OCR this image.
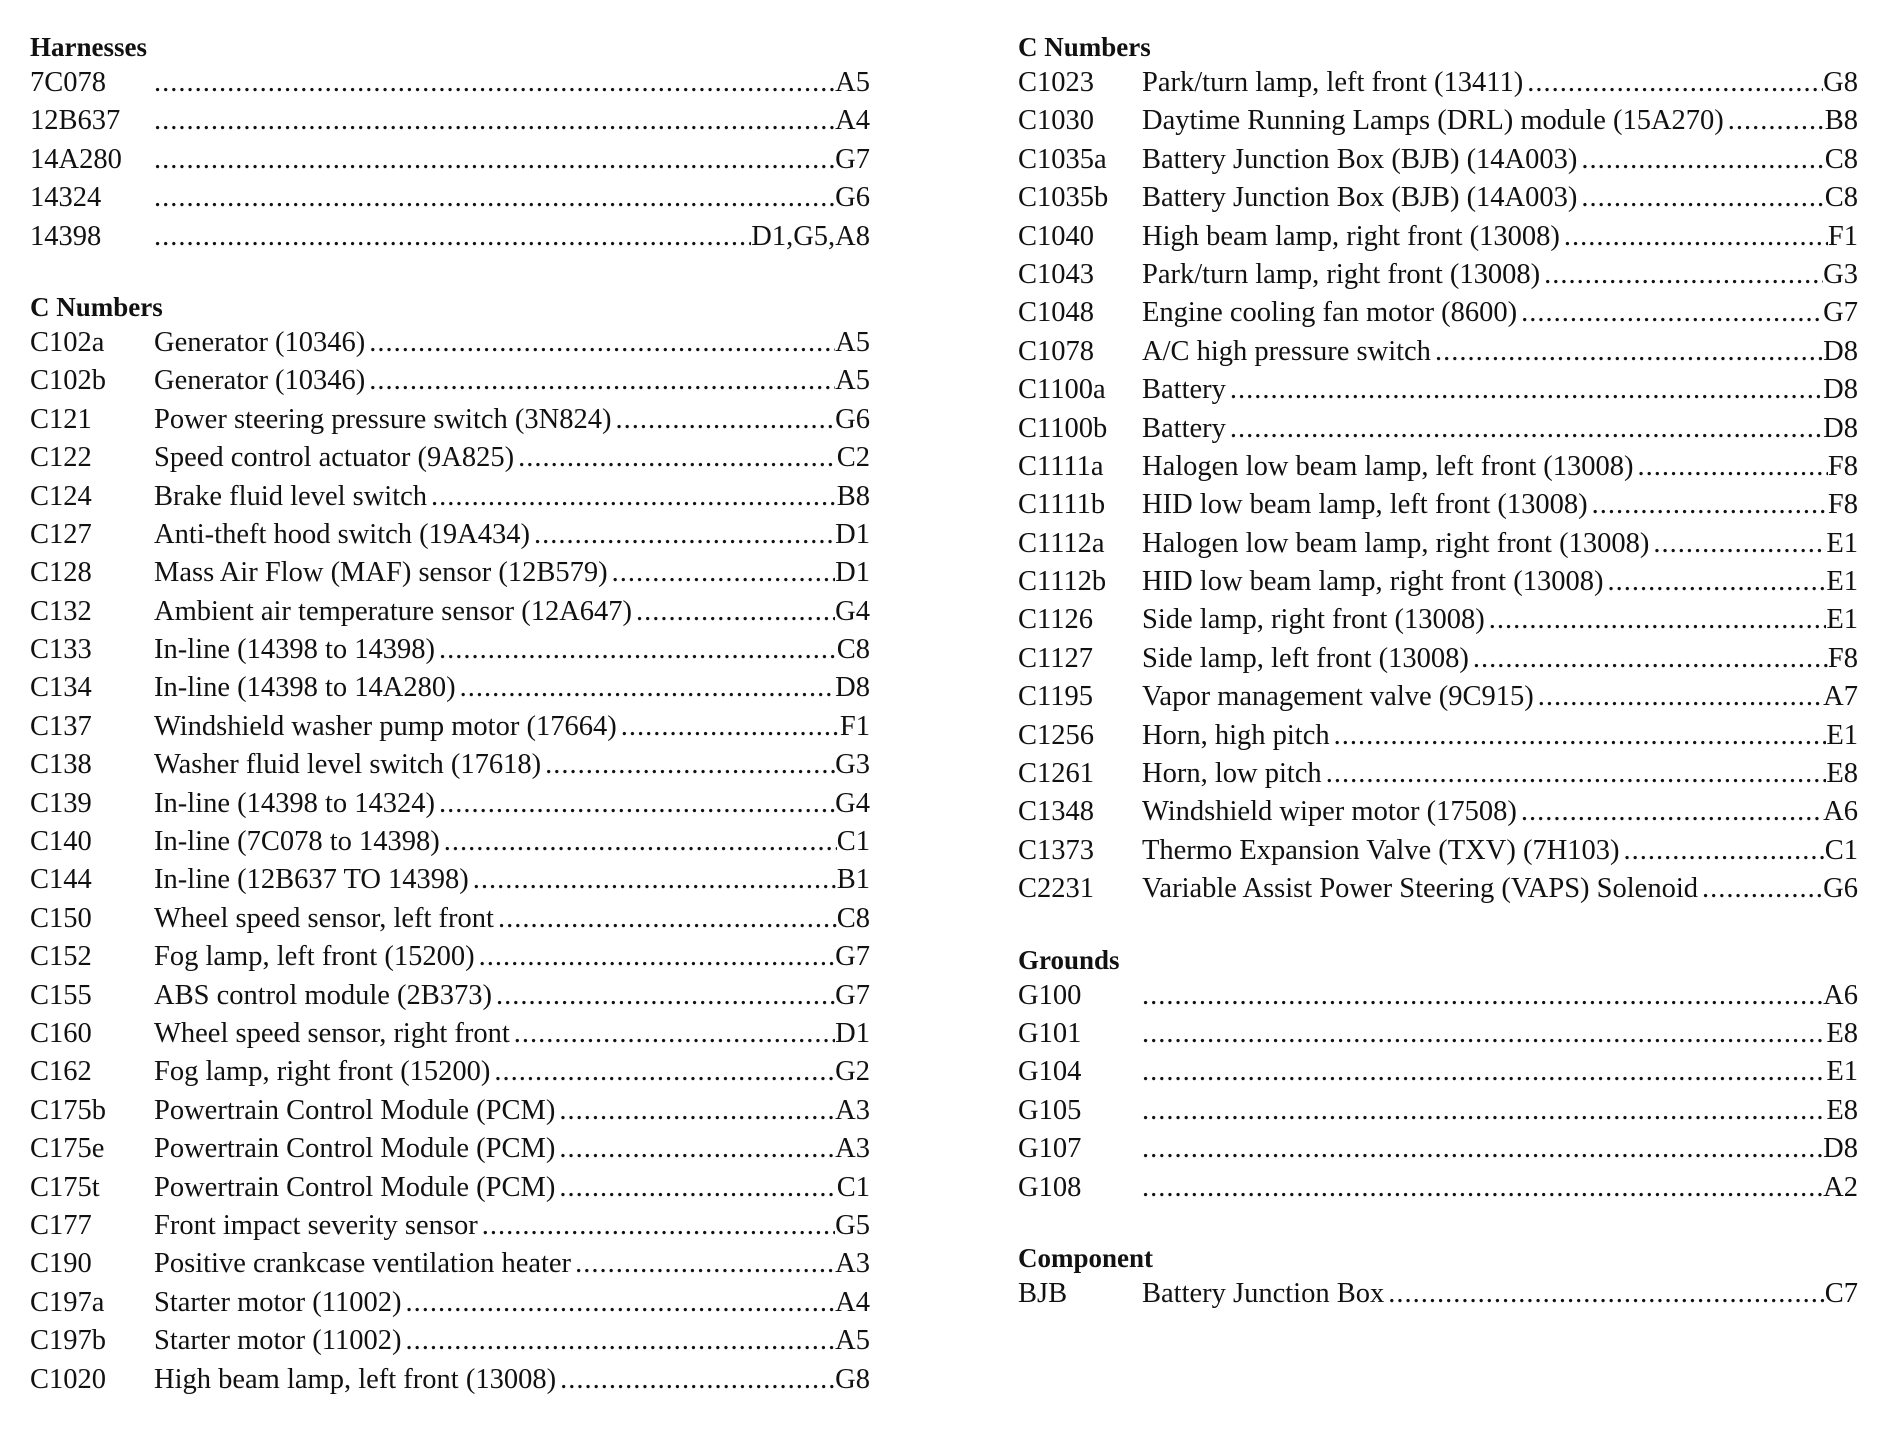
Harnesses
7C078 .....	A5
12B637 .....	A4
14A280 .....	G7
14324 .....	G6
14398 .....	D1,G5,A8
C Numbers
C102a	Generator (10346) .....	A5
C102b	Generator (10346) .....	A5
C121	Power steering pressure switch (3N824) .....	G6
C122	Speed control actuator (9A825) .....	C2
C124	Brake fluid level switch .....	B8
C127	Anti-theft hood switch (19A434) .....	D1
C128	Mass Air Flow (MAF) sensor (12B579) .....	D1
C132	Ambient air temperature sensor (12A647) .....	G4
C133	In-line (14398 to 14398) .....	C8
C134	In-line (14398 to 14A280) .....	D8
C137	Windshield washer pump motor (17664) .....	F1
C138	Washer fluid level switch (17618) .....	G3
C139	In-line (14398 to 14324) .....	G4
C140	In-line (7C078 to 14398) .....	C1
C144	In-line (12B637 TO 14398) .....	B1
C150	Wheel speed sensor, left front .....	C8
C152	Fog lamp, left front (15200) .....	G7
C155	ABS control module (2B373) .....	G7
C160	Wheel speed sensor, right front .....	D1
C162	Fog lamp, right front (15200) .....	G2
C175b	Powertrain Control Module (PCM) .....	A3
C175e	Powertrain Control Module (PCM) .....	A3
C175t	Powertrain Control Module (PCM) .....	C1
C177	Front impact severity sensor .....	G5
C190	Positive crankcase ventilation heater .....	A3
C197a	Starter motor (11002) .....	A4
C197b	Starter motor (11002) .....	A5
C1020	High beam lamp, left front (13008) .....	G8
C Numbers
C1023	Park/turn lamp, left front (13411) .....	G8
C1030	Daytime Running Lamps (DRL) module (15A270) .....	B8
C1035a	Battery Junction Box (BJB) (14A003) .....	C8
C1035b	Battery Junction Box (BJB) (14A003) .....	C8
C1040	High beam lamp, right front (13008) .....	F1
C1043	Park/turn lamp, right front (13008) .....	G3
C1048	Engine cooling fan motor (8600) .....	G7
C1078	A/C high pressure switch .....	D8
C1100a	Battery .....	D8
C1100b	Battery .....	D8
C1111a	Halogen low beam lamp, left front (13008) .....	F8
C1111b	HID low beam lamp, left front (13008) .....	F8
C1112a	Halogen low beam lamp, right front (13008) .....	E1
C1112b	HID low beam lamp, right front (13008) .....	E1
C1126	Side lamp, right front (13008) .....	E1
C1127	Side lamp, left front (13008) .....	F8
C1195	Vapor management valve (9C915) .....	A7
C1256	Horn, high pitch .....	E1
C1261	Horn, low pitch .....	E8
C1348	Windshield wiper motor (17508) .....	A6
C1373	Thermo Expansion Valve (TXV) (7H103) .....	C1
C2231	Variable Assist Power Steering (VAPS) Solenoid .....	G6
Grounds
G100 .....	A6
G101 .....	E8
G104 .....	E1
G105 .....	E8
G107 .....	D8
G108 .....	A2
Component
BJB	Battery Junction Box .....	C7
